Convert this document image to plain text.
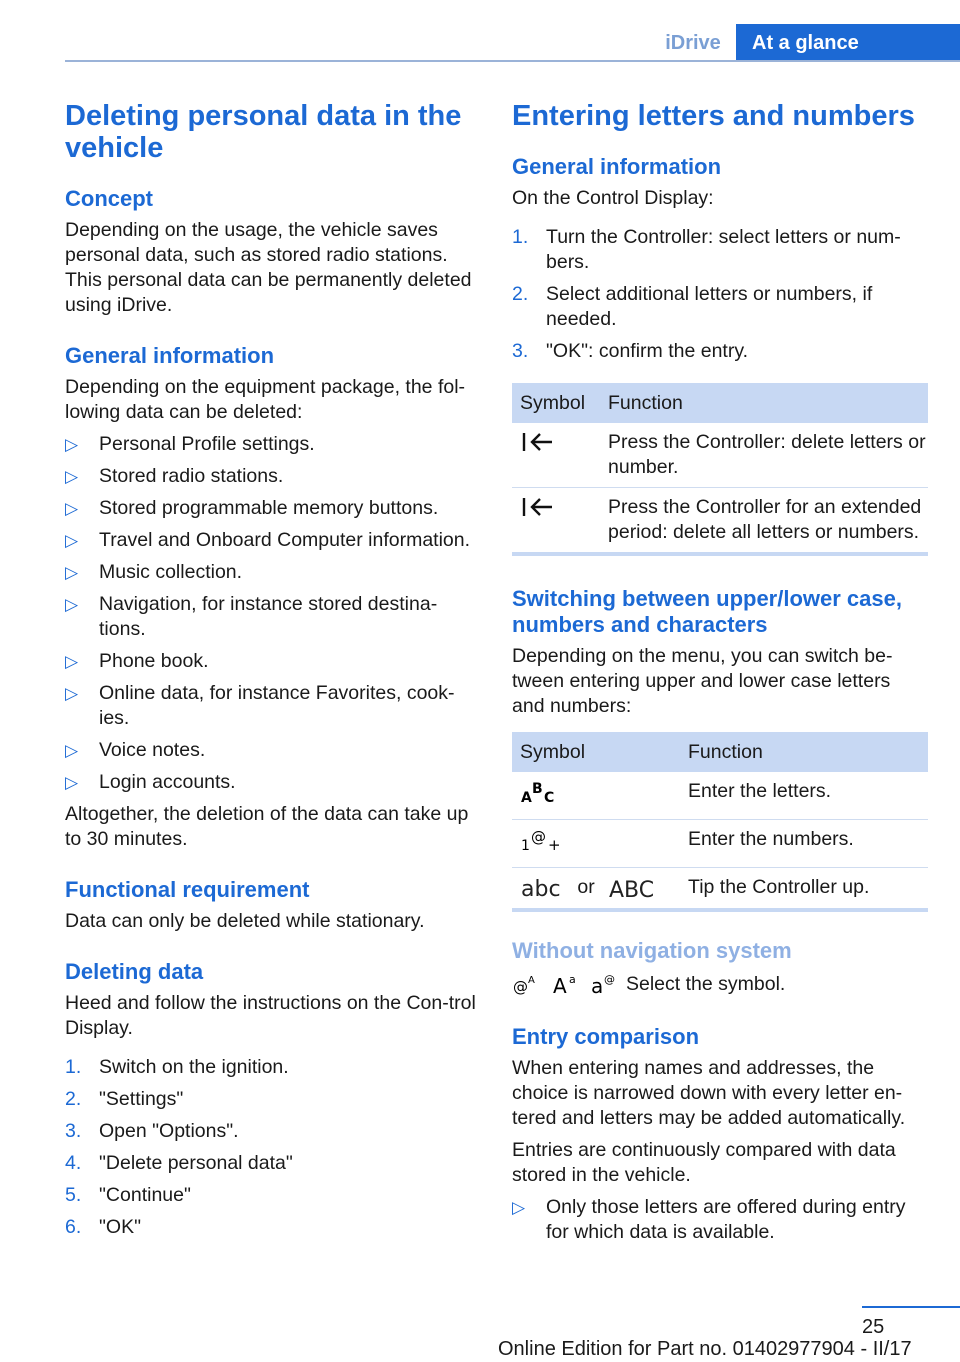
iDrive	At a glance
Deleting personal data in the vehicle
Concept

Depending on the usage, the vehicle saves personal data, such as stored radio stations. This personal data can be permanently deleted using iDrive.

General information

Depending on the equipment package, the fol‐lowing data can be deleted:

▷ Personal Profile settings.
▷ Stored radio stations.
▷ Stored programmable memory buttons.
▷ Travel and Onboard Computer information.
▷ Music collection.
▷ Navigation, for instance stored destina‐tions.
▷ Phone book.
▷ Online data, for instance Favorites, cook‐ies.
▷ Voice notes.
▷ Login accounts.

Altogether, the deletion of the data can take up to 30 minutes.

Functional requirement

Data can only be deleted while stationary.

Deleting data

Heed and follow the instructions on the Con‐trol Display.

1. Switch on the ignition.
2. "Settings"
3. Open "Options".
4. "Delete personal data"
5. "Continue"
6. "OK"
Entering letters and numbers
General information

On the Control Display:

1. Turn the Controller: select letters or num‐bers.
2. Select additional letters or numbers, if needed.
3. "OK": confirm the entry.
Symbol	Function
	Press the Controller: delete letters or number.
	Press the Controller for an extended period: delete all letters or numbers.
Switching between upper/lower case, numbers and characters

Depending on the menu, you can switch be‐tween entering upper and lower case letters and numbers:

Symbol	Function

A
B
C	Enter the letters.

1 @ +	Enter the numbers.

abc or ABC	Tip the Controller up.
Without navigation system
@ A A a a @ Select the symbol.

Entry comparison

When entering names and addresses, the choice is narrowed down with every letter en‐tered and letters may be added automatically.

Entries are continuously compared with data stored in the vehicle.

▷ Only those letters are offered during entry for which data is available.
25
Online Edition for Part no. 01402977904 - II/17
